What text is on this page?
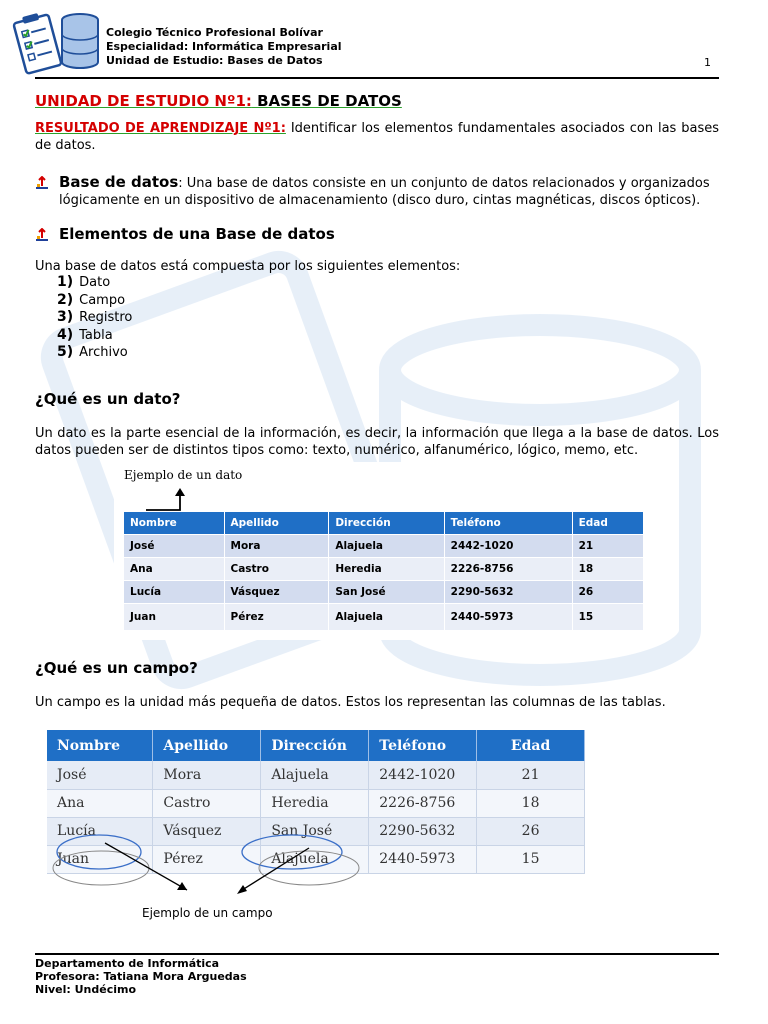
Colegio Técnico Profesional Bolívar
Especialidad: Informática Empresarial
Unidad de Estudio: Bases de Datos	1
UNIDAD DE ESTUDIO Nº1: BASES DE DATOS
RESULTADO DE APRENDIZAJE Nº1: Identificar los elementos fundamentales asociados con las bases de datos.
Base de datos: Una base de datos consiste en un conjunto de datos relacionados y organizados lógicamente en un dispositivo de almacenamiento (disco duro, cintas magnéticas, discos ópticos).
Elementos de una Base de datos
Una base de datos está compuesta por los siguientes elementos:
1) Dato
2) Campo
3) Registro
4) Tabla
5) Archivo
¿Qué es un dato?
Un dato es la parte esencial de la información, es decir, la información que llega a la base de datos. Los datos pueden ser de distintos tipos como: texto, numérico, alfanumérico, lógico, memo, etc.
Ejemplo de un dato
Nombre	Apellido	Dirección	Teléfono	Edad
José	Mora	Alajuela	2442-1020	21
Ana	Castro	Heredia	2226-8756	18
Lucía	Vásquez	San José	2290-5632	26
Juan	Pérez	Alajuela	2440-5973	15
¿Qué es un campo?
Un campo es la unidad más pequeña de datos. Estos los representan las columnas de las tablas.
Nombre	Apellido	Dirección	Teléfono	Edad
José	Mora	Alajuela	2442-1020	21
Ana	Castro	Heredia	2226-8756	18
Lucía	Vásquez	San José	2290-5632	26
Juan	Pérez	Alajuela	2440-5973	15
Ejemplo de un campo
Departamento de Informática
Profesora: Tatiana Mora Arguedas
Nivel: Undécimo
